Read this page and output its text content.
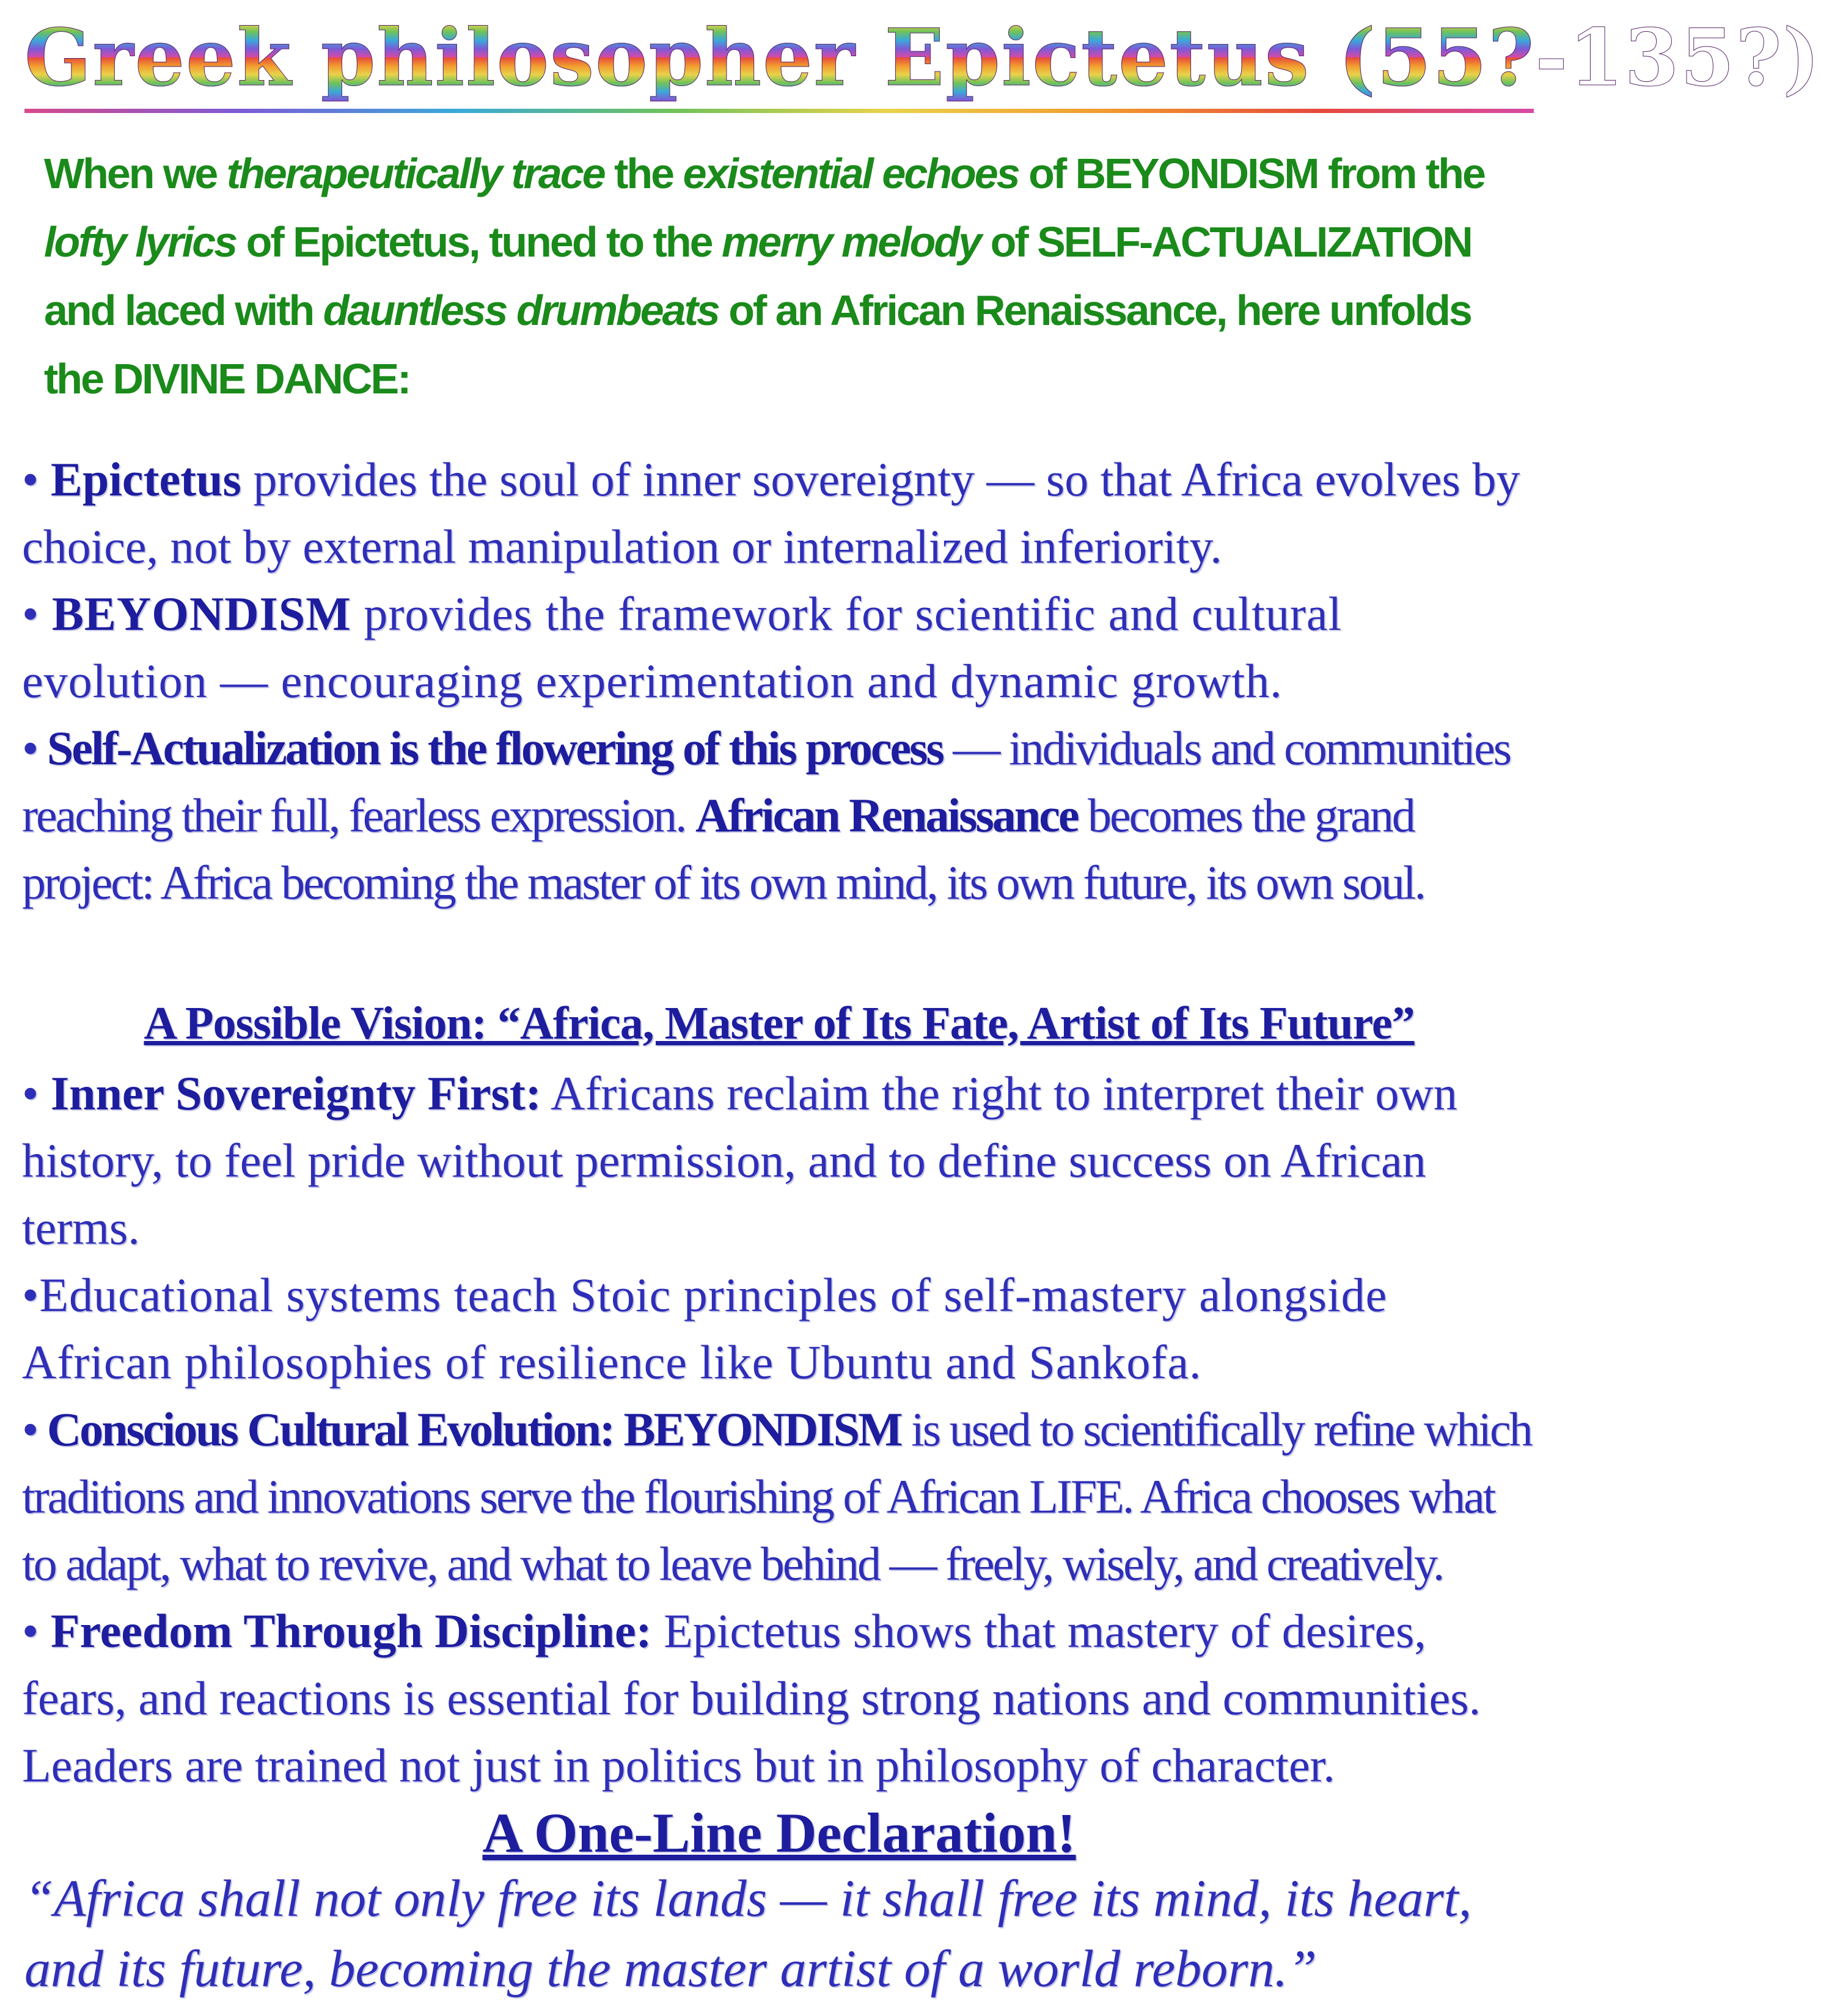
Greek philosopher Epictetus (55?-135?)
When we therapeutically trace the existential echoes of BEYONDISM from the lofty lyrics of Epictetus, tuned to the merry melody of SELF-ACTUALIZATION and laced with dauntless drumbeats of an African Renaissance, here unfolds the DIVINE DANCE:

• Epictetus provides the soul of inner sovereignty — so that Africa evolves by choice, not by external manipulation or internalized inferiority.

• BEYONDISM provides the framework for scientific and cultural evolution — encouraging experimentation and dynamic growth.

• Self-Actualization is the flowering of this process — individuals and communities reaching their full, fearless expression. African Renaissance becomes the grand project: Africa becoming the master of its own mind, its own future, its own soul.

A Possible Vision: “Africa, Master of Its Fate, Artist of Its Future”

• Inner Sovereignty First: Africans reclaim the right to interpret their own history, to feel pride without permission, and to define success on African terms.

•Educational systems teach Stoic principles of self-mastery alongside African philosophies of resilience like Ubuntu and Sankofa.

• Conscious Cultural Evolution: BEYONDISM is used to scientifically refine which traditions and innovations serve the flourishing of African LIFE. Africa chooses what to adapt, what to revive, and what to leave behind — freely, wisely, and creatively.

• Freedom Through Discipline: Epictetus shows that mastery of desires, fears, and reactions is essential for building strong nations and communities. Leaders are trained not just in politics but in philosophy of character.

A One-Line Declaration!
“Africa shall not only free its lands — it shall free its mind, its heart, and its future, becoming the master artist of a world reborn.”
